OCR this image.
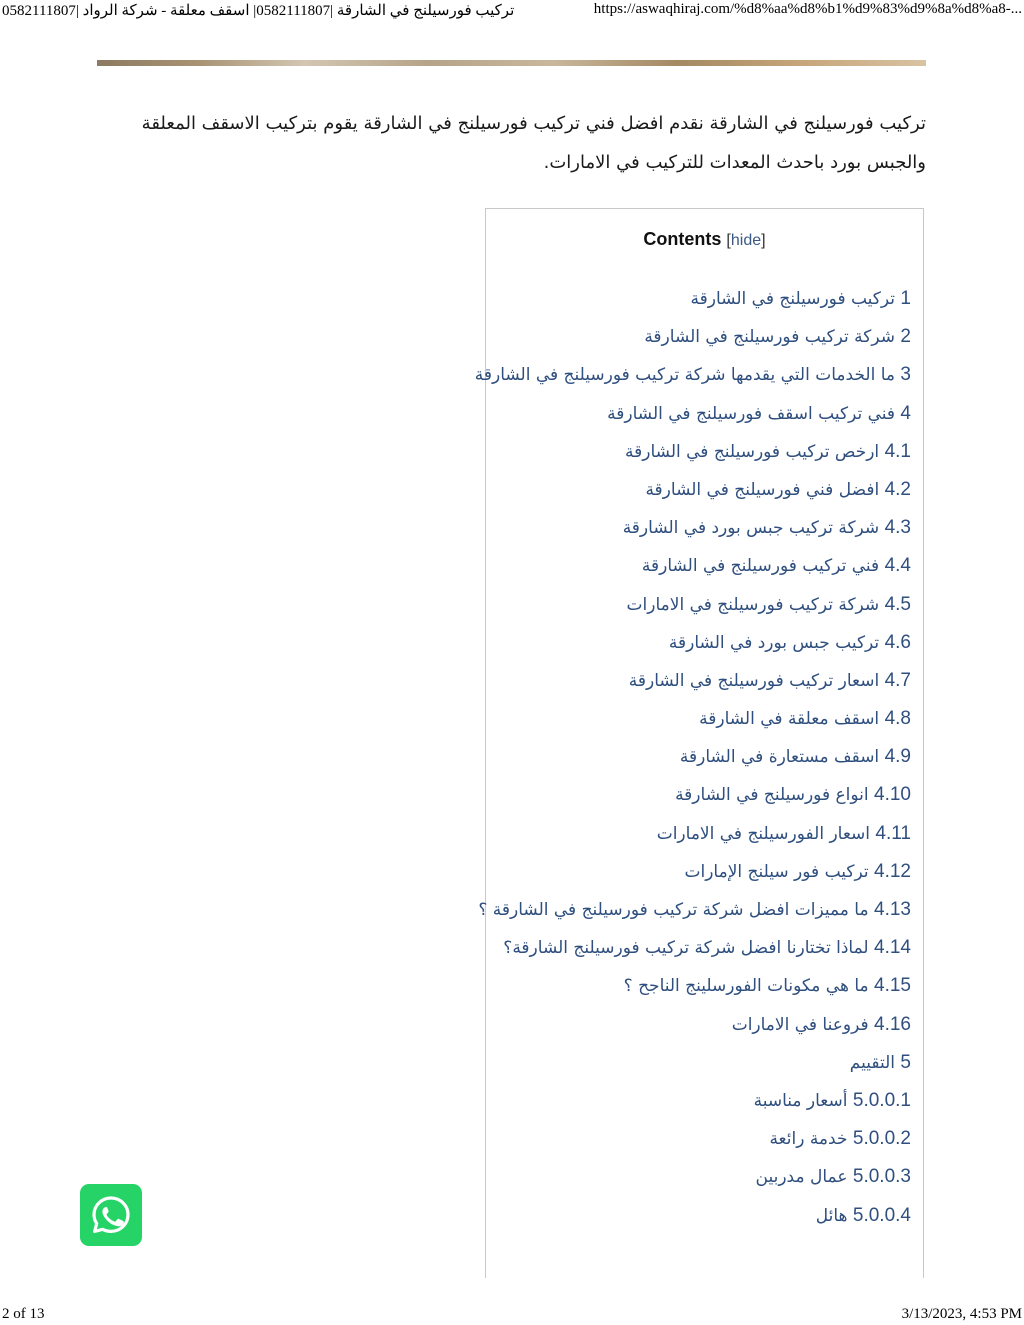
تركيب فورسيلنج في الشارقة |0582111807| اسقف معلقة - شركة الرواد |0582111807	https://aswaqhiraj.com/%d8%aa%d8%b1%d9%83%d9%8a%d8%a8-...

تركيب فورسيلنج في الشارقة نقدم افضل فني تركيب فورسيلنج في الشارقة يقوم بتركيب الاسقف المعلقة والجبس بورد باحدث المعدات للتركيب في الامارات.

Contents [hide]
1 تركيب فورسيلنج في الشارقة
2 شركة تركيب فورسيلنج في الشارقة
3 ما الخدمات التي يقدمها شركة تركيب فورسيلنج في الشارقة
4 فني تركيب اسقف فورسيلنج في الشارقة
4.1 ارخص تركيب فورسيلنج في الشارقة
4.2 افضل فني فورسيلنج في الشارقة
4.3 شركة تركيب جبس بورد في الشارقة
4.4 فني تركيب فورسيلنج في الشارقة
4.5 شركة تركيب فورسيلنج في الامارات
4.6 تركيب جبس بورد في الشارقة
4.7 اسعار تركيب فورسيلنج في الشارقة
4.8 اسقف معلقة في الشارقة
4.9 اسقف مستعارة في الشارقة
4.10 انواع فورسيلنج في الشارقة
4.11 اسعار الفورسيلنج في الامارات
4.12 تركيب فور سيلنج الإمارات
4.13 ما مميزات افضل شركة تركيب فورسيلنج في الشارقة ؟
4.14 لماذا تختارنا افضل شركة تركيب فورسيلنج الشارقة؟
4.15 ما هي مكونات الفورسلينج الناجح ؟
4.16 فروعنا في الامارات
5 التقييم
5.0.0.1 أسعار مناسبة
5.0.0.2 خدمة رائعة
5.0.0.3 عمال مدربين
5.0.0.4 هائل
2 of 13	3/13/2023, 4:53 PM
